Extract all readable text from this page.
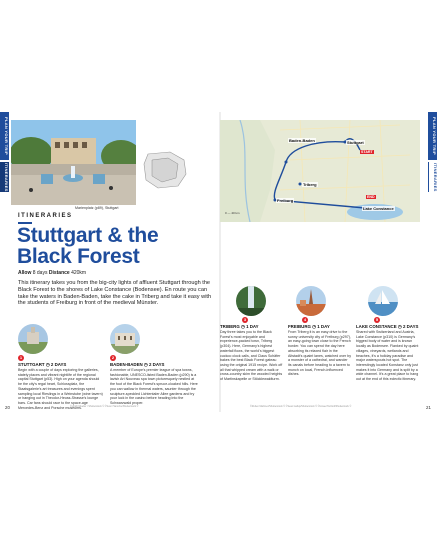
ITINERARIES
PLAN YOUR TRIP
Marienplatz (p89), Stuttgart
ITINERARIES
Stuttgart & the Black Forest
Allow 8 days Distance 420km
This itinerary takes you from the big-city lights of affluent Stuttgart through the Black Forest to the shores of Lake Constance (Bodensee). En route you can take the waters in Baden-Baden, take the cake in Triberg and take it easy with the students of Freiburg in front of the medieval Münster.
1
STUTTGART ◷ 2 DAYS
Begin with a couple of days exploring the galleries, stately places and vibrant nightlife of the regional capital Stuttgart (p53). High on your agenda should be the city's regal heart, Schlossplatz, the Staatsgalerie's art treasures and evenings spent sampling local Rieslings in a Weinstube (wine tavern) or hanging out in Theodor-Heuss-Strasse's lounge bars. Car fans should race to the space-age Mercedes-Benz and Porsche museums.
2
BADEN-BADEN ◷ 2 DAYS
A member of Europe's premier league of spa towns, fashionable, UNESCO-listed Baden-Baden (p290) is a lavish Art Nouveau spa town picturesquely nestled at the foot of the Black Forest's spruce-cloaked hills. Here you can wallow in thermal waters, saunter through the sculpture-speckled Lichtentaler Allee gardens and try your luck in the casino before heading into the Schwarzwald proper.
20	©Ulrich Mueller / Shutterstock © ©Sven Hansche/Shutterstock ©
PLAN YOUR TRIP
ITINERARIES
Baden-Baden	Stuttgart
START
Triberg
Freiburg
END
Lake Constance
0 — 40 km
3
TRIBERG ◷ 1 DAY
Day three takes you to the Black Forest's most enjoyable and experience-packed town, Triberg (p304). Here, Germany's highest waterfall flows, the world's biggest cuckoo clock calls, and Claus Schäfer bakes the best Black Forest gateau using the original 1915 recipe. Work off all that whipped cream with a walk or cross-country skim the wooded heights of Martinskapelle or Stöcklewaldturm.
4
FREIBURG ◷ 1 DAY
From Triberg it is an easy drive to the sunny university city of Freiburg (p297), an easy-going town close to the French border. You can spend the day here absorbing its relaxed flair in the Altstadt's quaint lanes, watched over by a monster of a cathedral, and wander its canals before heading to a tavern to munch on local, French-influenced dishes.
5
LAKE CONSTANCE ◷ 2 DAYS
Shared with Switzerland and Austria, Lake Constance (p310) is Germany's biggest body of water and is known locally as Bodensee. Flanked by quaint villages, vineyards, wetlands and beaches, it's a holiday paradise and major waterspouts hot spot. The interestingly located Konstanz only just makes it into Germany and is split by a wide channel. It's a great place to hang out at the end of this eclectic itinerary.
21
©Ruben Martinez/Shutterstock © ©Sean Gallup/Shutterstock © ©Ismael Tazzioli/Shutterstock ©
